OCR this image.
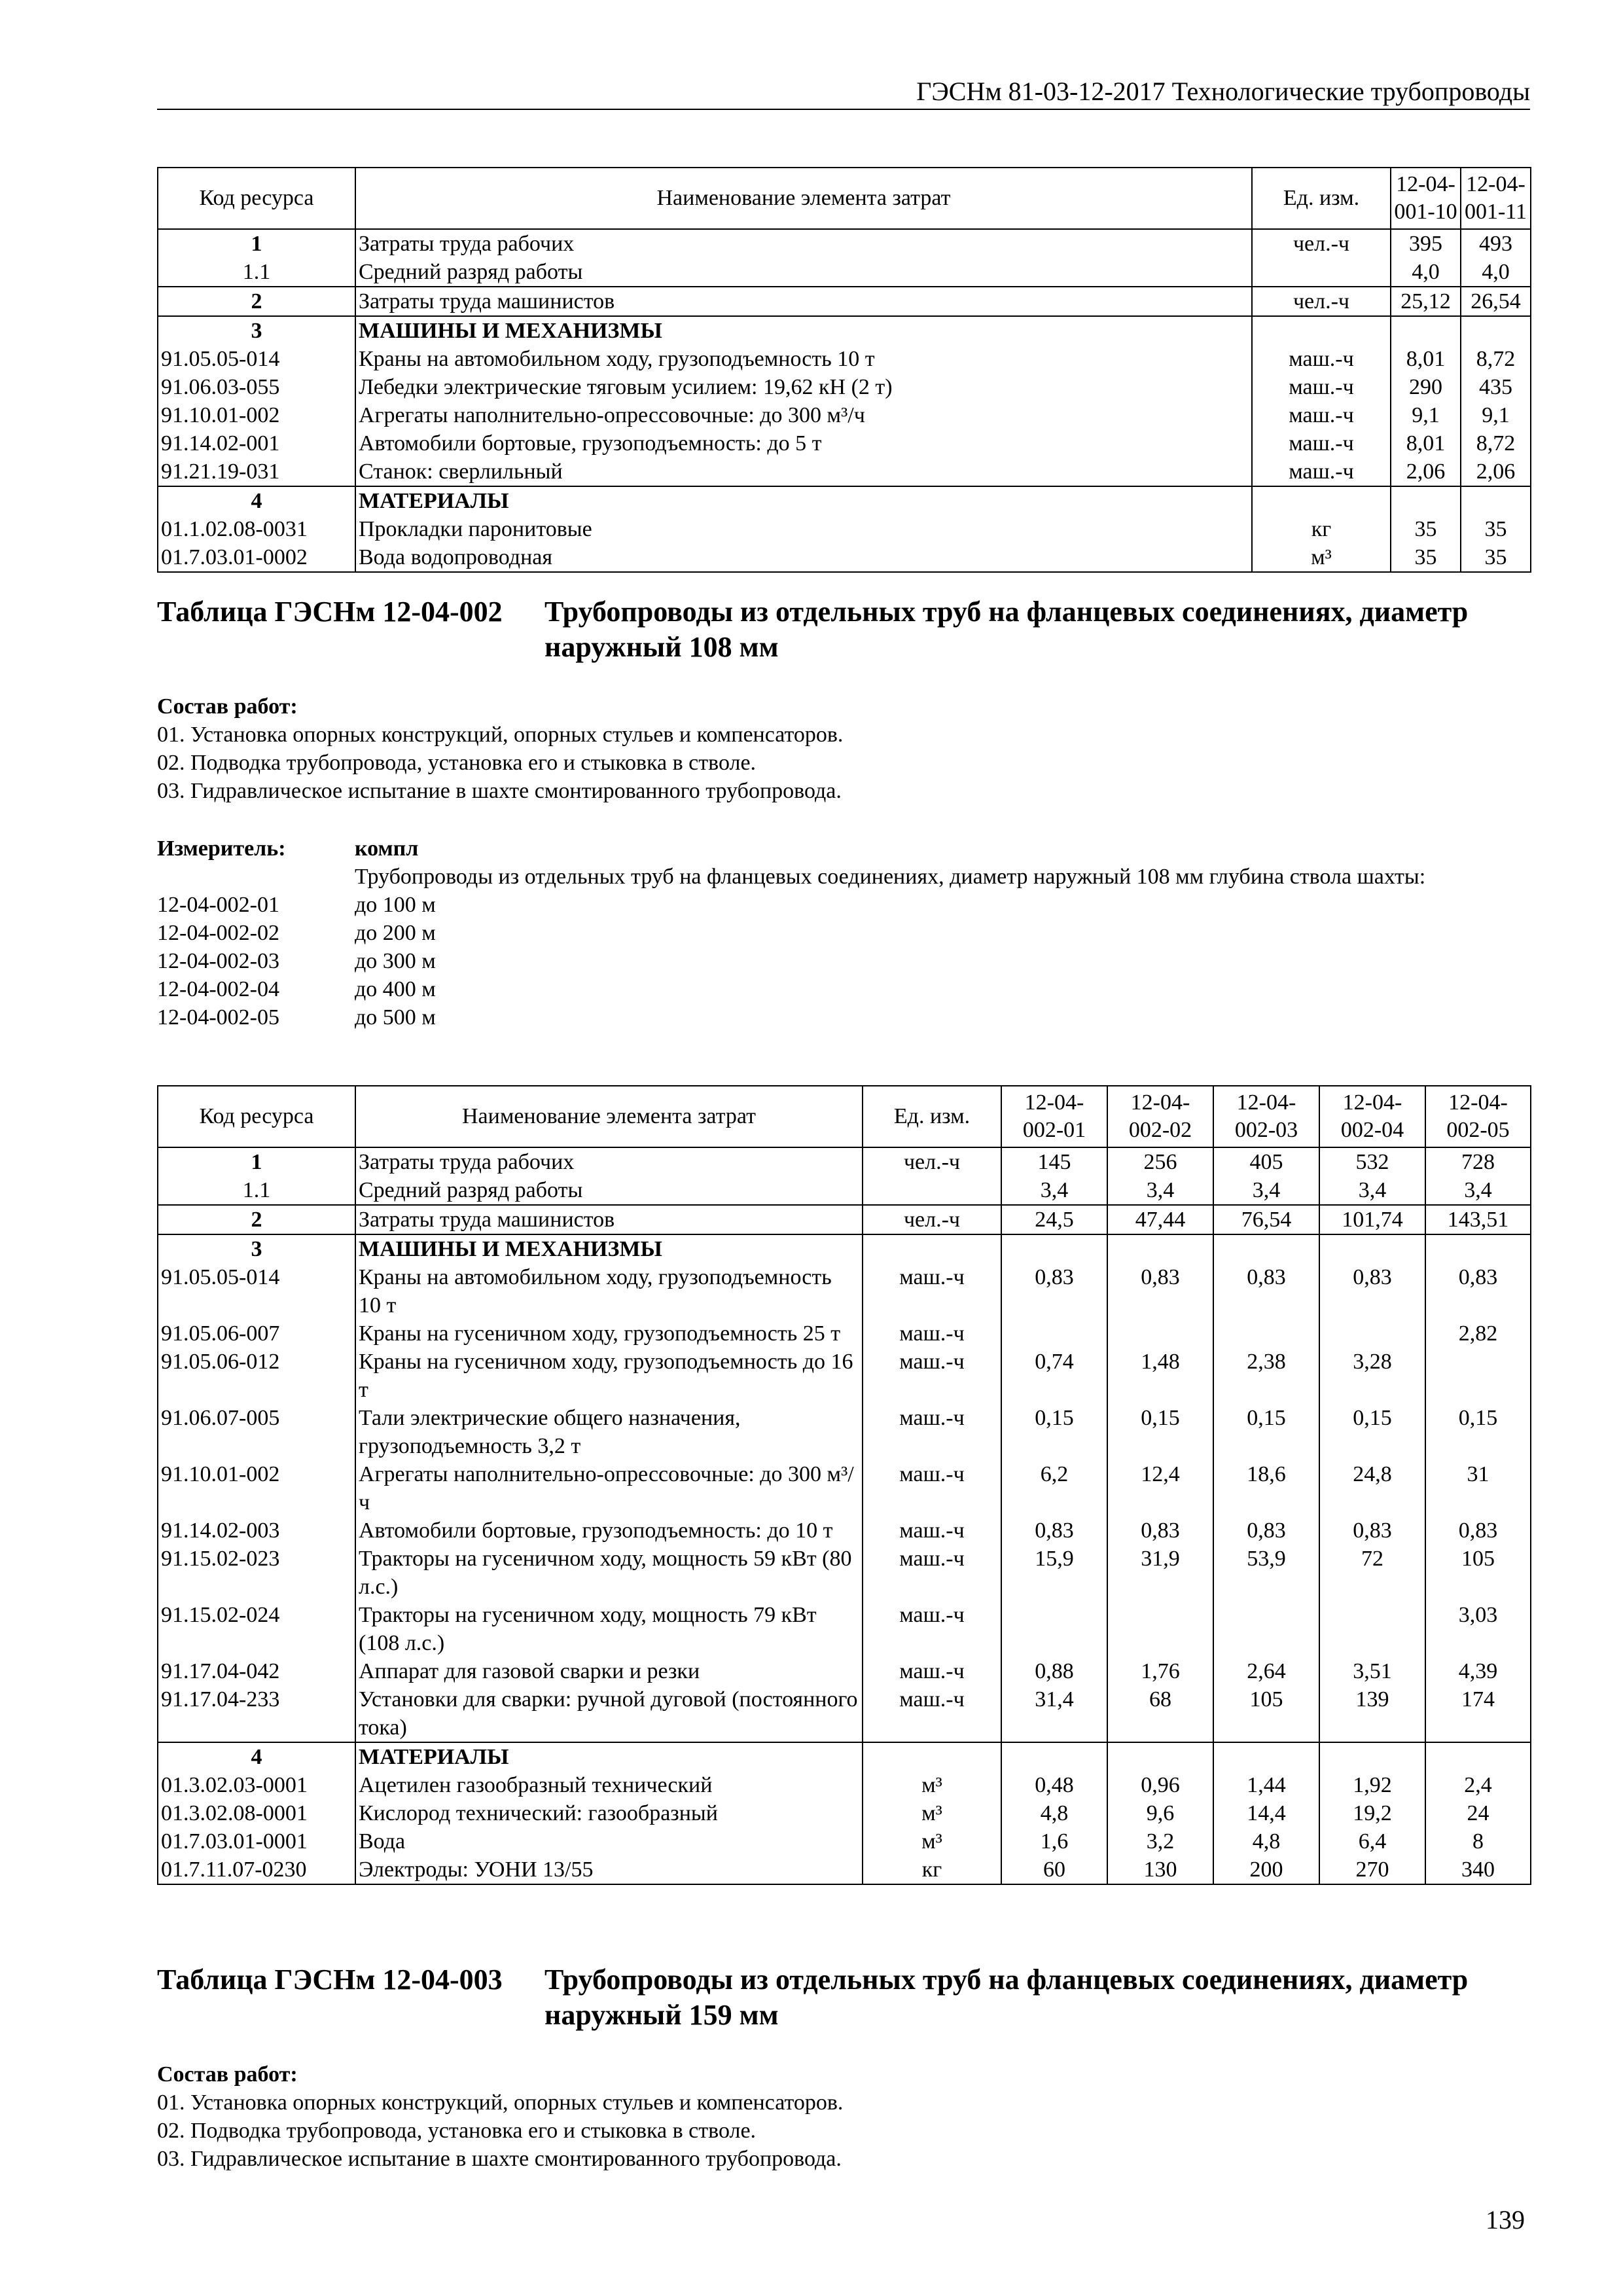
ГЭСНм 81-03-12-2017 Технологические трубопроводы
Код ресурса	Наименование элемента затрат	Ед. изм.	12-04-001-10	12-04-001-11
1	Затраты труда рабочих	чел.-ч	395	493
1.1	Средний разряд работы		4,0	4,0
2	Затраты труда машинистов	чел.-ч	25,12	26,54
3	МАШИНЫ И МЕХАНИЗМЫ			
91.05.05-014	Краны на автомобильном ходу, грузоподъемность 10 т	маш.-ч	8,01	8,72
91.06.03-055	Лебедки электрические тяговым усилием: 19,62 кН (2 т)	маш.-ч	290	435
91.10.01-002	Агрегаты наполнительно-опрессовочные: до 300 м³/ч	маш.-ч	9,1	9,1
91.14.02-001	Автомобили бортовые, грузоподъемность: до 5 т	маш.-ч	8,01	8,72
91.21.19-031	Станок: сверлильный	маш.-ч	2,06	2,06
4	МАТЕРИАЛЫ			
01.1.02.08-0031	Прокладки паронитовые	кг	35	35
01.7.03.01-0002	Вода водопроводная	м³	35	35
Таблица ГЭСНм 12-04-002 Трубопроводы из отдельных труб на фланцевых соединениях, диаметр наружный 108 мм
Состав работ:
01. Установка опорных конструкций, опорных стульев и компенсаторов.
02. Подводка трубопровода, установка его и стыковка в стволе.
03. Гидравлическое испытание в шахте смонтированного трубопровода.
Измеритель:	компл
Трубопроводы из отдельных труб на фланцевых соединениях, диаметр наружный 108 мм глубина ствола шахты:
12-04-002-01	до 100 м
12-04-002-02	до 200 м
12-04-002-03	до 300 м
12-04-002-04	до 400 м
12-04-002-05	до 500 м
Код ресурса	Наименование элемента затрат	Ед. изм.	12-04-002-01	12-04-002-02	12-04-002-03	12-04-002-04	12-04-002-05
1	Затраты труда рабочих	чел.-ч	145	256	405	532	728
1.1	Средний разряд работы		3,4	3,4	3,4	3,4	3,4
2	Затраты труда машинистов	чел.-ч	24,5	47,44	76,54	101,74	143,51
3	МАШИНЫ И МЕХАНИЗМЫ						
91.05.05-014	Краны на автомобильном ходу, грузоподъемность 10 т	маш.-ч	0,83	0,83	0,83	0,83	0,83
91.05.06-007	Краны на гусеничном ходу, грузоподъемность 25 т	маш.-ч					2,82
91.05.06-012	Краны на гусеничном ходу, грузоподъемность до 16 т	маш.-ч	0,74	1,48	2,38	3,28	
91.06.07-005	Тали электрические общего назначения, грузоподъемность 3,2 т	маш.-ч	0,15	0,15	0,15	0,15	0,15
91.10.01-002	Агрегаты наполнительно-опрессовочные: до 300 м³/ч	маш.-ч	6,2	12,4	18,6	24,8	31
91.14.02-003	Автомобили бортовые, грузоподъемность: до 10 т	маш.-ч	0,83	0,83	0,83	0,83	0,83
91.15.02-023	Тракторы на гусеничном ходу, мощность 59 кВт (80 л.с.)	маш.-ч	15,9	31,9	53,9	72	105
91.15.02-024	Тракторы на гусеничном ходу, мощность 79 кВт (108 л.с.)	маш.-ч					3,03
91.17.04-042	Аппарат для газовой сварки и резки	маш.-ч	0,88	1,76	2,64	3,51	4,39
91.17.04-233	Установки для сварки: ручной дуговой (постоянного тока)	маш.-ч	31,4	68	105	139	174
4	МАТЕРИАЛЫ						
01.3.02.03-0001	Ацетилен газообразный технический	м³	0,48	0,96	1,44	1,92	2,4
01.3.02.08-0001	Кислород технический: газообразный	м³	4,8	9,6	14,4	19,2	24
01.7.03.01-0001	Вода	м³	1,6	3,2	4,8	6,4	8
01.7.11.07-0230	Электроды: УОНИ 13/55	кг	60	130	200	270	340
Таблица ГЭСНм 12-04-003 Трубопроводы из отдельных труб на фланцевых соединениях, диаметр наружный 159 мм
Состав работ:
01. Установка опорных конструкций, опорных стульев и компенсаторов.
02. Подводка трубопровода, установка его и стыковка в стволе.
03. Гидравлическое испытание в шахте смонтированного трубопровода.
139
